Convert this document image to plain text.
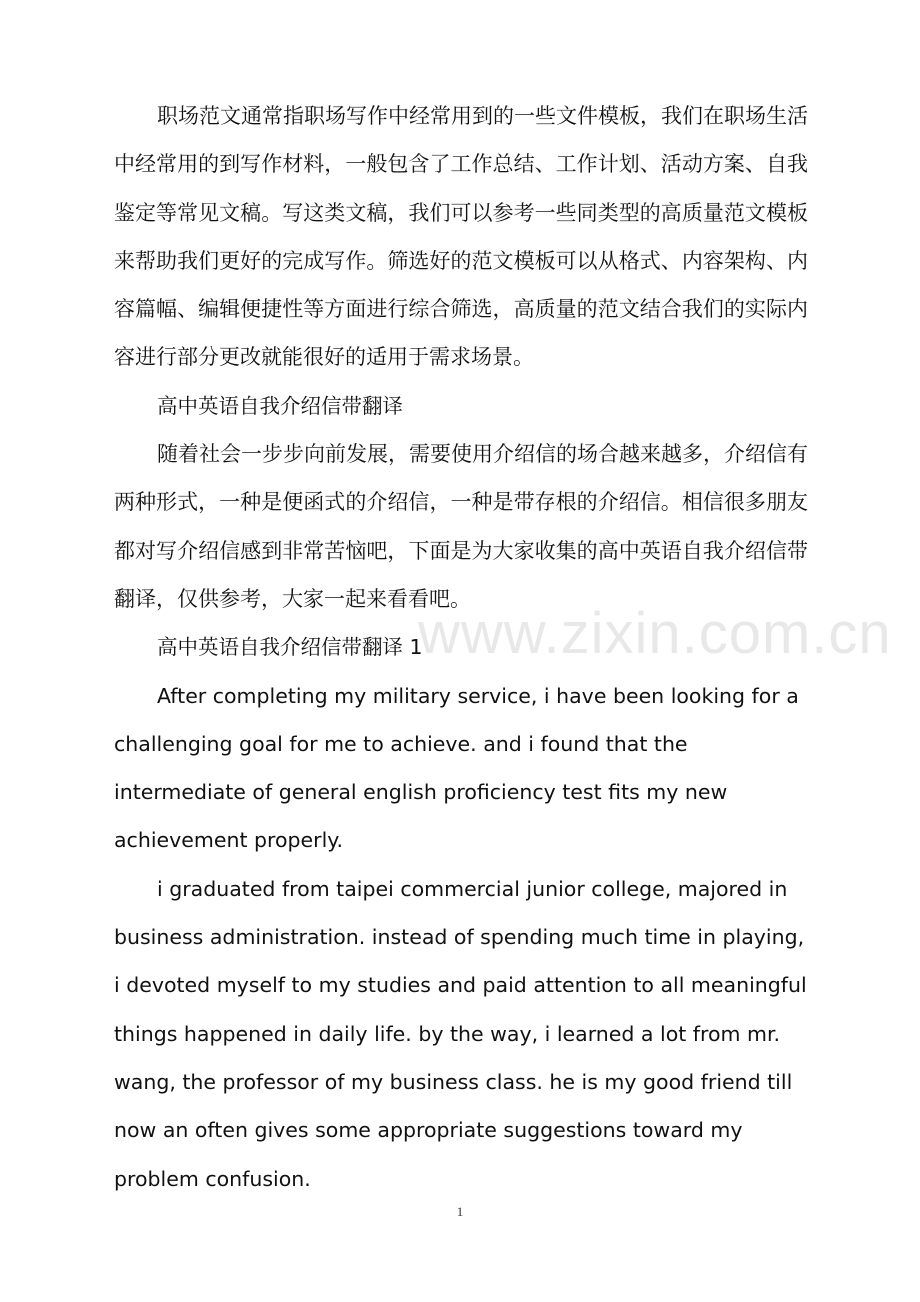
职场范文通常指职场写作中经常用到的一些文件模板，我们在职场生活中经常用的到写作材料，一般包含了工作总结、工作计划、活动方案、自我鉴定等常见文稿。写这类文稿，我们可以参考一些同类型的高质量范文模板来帮助我们更好的完成写作。筛选好的范文模板可以从格式、内容架构、内容篇幅、编辑便捷性等方面进行综合筛选，高质量的范文结合我们的实际内容进行部分更改就能很好的适用于需求场景。

高中英语自我介绍信带翻译

随着社会一步步向前发展，需要使用介绍信的场合越来越多，介绍信有两种形式，一种是便函式的介绍信，一种是带存根的介绍信。相信很多朋友都对写介绍信感到非常苦恼吧，下面是为大家收集的高中英语自我介绍信带翻译，仅供参考，大家一起来看看吧。

高中英语自我介绍信带翻译 1

After completing my military service, i have been looking for a challenging goal for me to achieve. and i found that the intermediate of general english proficiency test fits my new achievement properly.

i graduated from taipei commercial junior college, majored in business administration. instead of spending much time in playing, i devoted myself to my studies and paid attention to all meaningful things happened in daily life. by the way, i learned a lot from mr. wang, the professor of my business class. he is my good friend till now an often gives some appropriate suggestions toward my problem confusion.

www.zixin.com.cn
1
